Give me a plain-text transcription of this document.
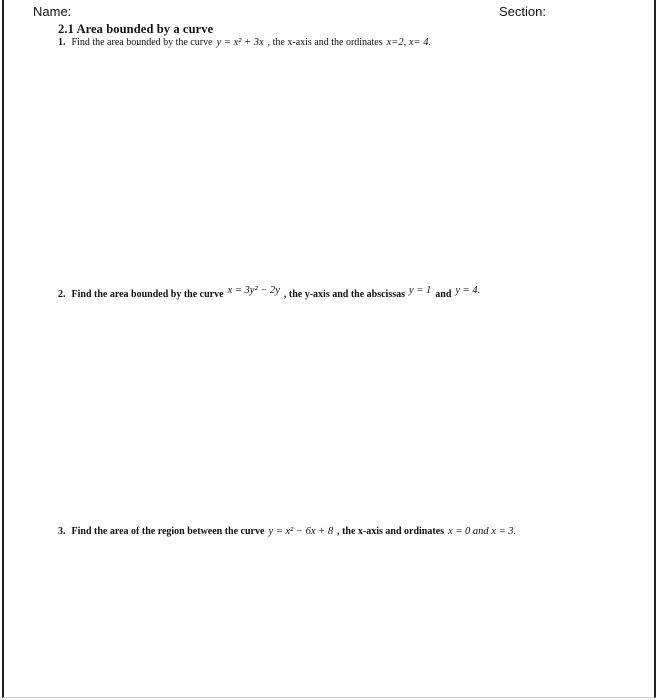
Name:	Section:
2.1 Area bounded by a curve
1. Find the area bounded by the curve y = x² + 3x , the x-axis and the ordinates x=2, x= 4.
2. Find the area bounded by the curve x = 3y² − 2y , the y-axis and the abscissas y = 1 and y = 4.
3. Find the area of the region between the curve y = x² − 6x + 8 , the x-axis and ordinates x = 0 and x = 3.
